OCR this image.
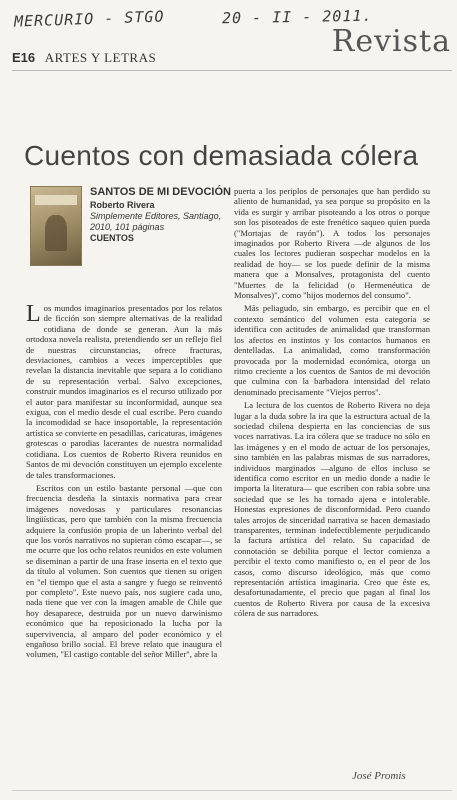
MERCURIO - STGO	20 - II - 2011.
Revista
E16 ARTES Y LETRAS
Cuentos con demasiada cólera
SANTOS DE MI DEVOCIÓN
Roberto Rivera
Simplemente Editores, Santiago, 2010, 101 páginas
CUENTOS

Los mundos imaginarios presentados por los relatos de ficción son siempre alternativas de la realidad cotidiana de donde se generan. Aun la más ortodoxa novela realista, pretendiendo ser un reflejo fiel de nuestras circunstancias, ofrece fracturas, desviaciones, cambios a veces imperceptibles que revelan la distancia inevitable que separa a lo cotidiano de su representación verbal. Salvo excepciones, construir mundos imaginarios es el recurso utilizado por el autor para manifestar su inconformidad, aunque sea exigua, con el medio desde el cual escribe. Pero cuando la incomodidad se hace insoportable, la representación artística se convierte en pesadillas, caricaturas, imágenes grotescas o parodias lacerantes de nuestra normalidad cotidiana. Los cuentos de Roberto Rivera reunidos en Santos de mi devoción constituyen un ejemplo excelente de tales transformaciones.

Escritos con un estilo bastante personal —que con frecuencia desdeña la sintaxis normativa para crear imágenes novedosas y particulares resonancias lingüísticas, pero que también con la misma frecuencia adquiere la confusión propia de un laberinto verbal del que los vorós narrativos no supieran cómo escapar—, se me ocurre que los ocho relatos reunidos en este volumen se diseminan a partir de una frase inserta en el texto que da título al volumen. Son cuentos que tienen su origen en "el tiempo que el asta a sangre y fuego se reinventó por completo". Este nuevo país, nos sugiere cada uno, nada tiene que ver con la imagen amable de Chile que hoy desaparece, destruida por un nuevo darwinismo económico que ha reposicionado la lucha por la supervivencia, al amparo del poder económico y el engañoso brillo social. El breve relato que inaugura el volumen, "El castigo contable del señor Miller", abre la

puerta a los periplos de personajes que han perdido su aliento de humanidad, ya sea porque su propósito en la vida es surgir y arribar pisoteando a los otros o porque son los pisoteados de este frenético saqueo quien pueda ("Mortajas de rayón"). A todos los personajes imaginados por Roberto Rivera —de algunos de los cuales los lectores pudieran sospechar modelos en la realidad de hoy— se los puede definir de la misma manera que a Monsalves, protagonista del cuento "Muertes de la felicidad (o Hermenéutica de Monsalves)", como "hijos modernos del consumo".

Más peliagudo, sin embargo, es percibir que en el contexto semántico del volumen esta categoría se identifica con actitudes de animalidad que transforman los afectos en instintos y los contactos humanos en dentelladas. La animalidad, como transformación provocada por la modernidad económica, otorga un ritmo creciente a los cuentos de Santos de mi devoción que culmina con la barbadora intensidad del relato denominado precisamente "Viejos perros".

La lectura de los cuentos de Roberto Rivera no deja lugar a la duda sobre la ira que la estructura actual de la sociedad chilena despierta en las conciencias de sus voces narrativas. La ira cólera que se traduce no sólo en las imágenes y en el modo de actuar de los personajes, sino también en las palabras mismas de sus narradores, individuos marginados —alguno de ellos incluso se identifica como escritor en un medio donde a nadie le importa la literatura— que escriben con rabia sobre una sociedad que se les ha tornado ajena e intolerable. Honestas expresiones de disconformidad. Pero cuando tales arrojos de sinceridad narrativa se hacen demasiado transparentes, terminan indefectiblemente perjudicando la factura artística del relato. Su capacidad de connotación se debilita porque el lector comienza a percibir el texto como manifiesto o, en el peor de los casos, como discurso ideológico, más que como representación artística imaginaria. Creo que éste es, desafortunadamente, el precio que pagan al final los cuentos de Roberto Rivera por causa de la excesiva cólera de sus narradores.

José Promis
